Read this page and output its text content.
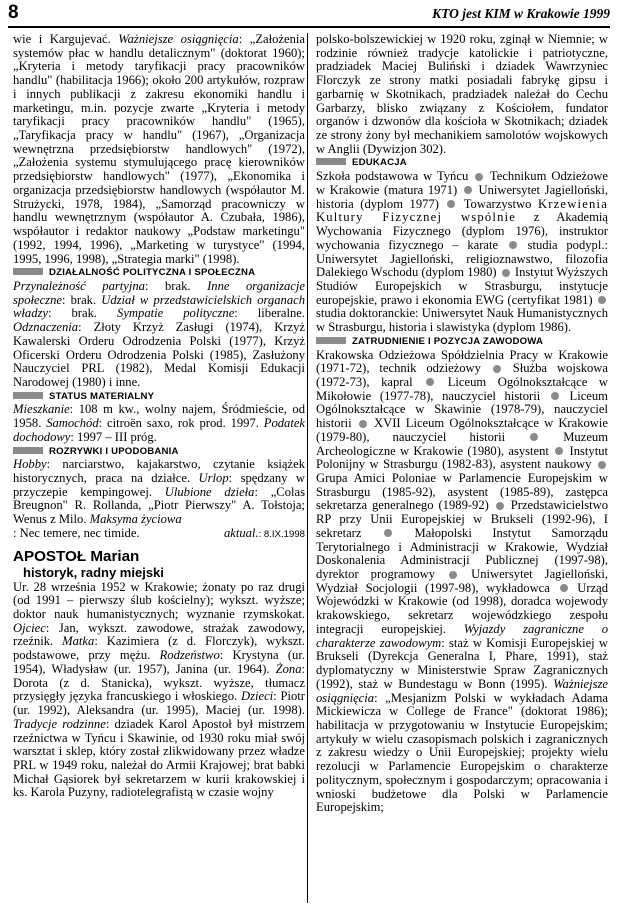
8	KTO jest KIM w Krakowie 1999

wie i Kargujevać. Ważniejsze osiągnięcia: „Założenia systemów płac w handlu detalicznym" (doktorat 1960); „Kryteria i metody taryfikacji pracy pracowników handlu" (habilitacja 1966); około 200 artykułów, rozpraw i innych publikacji z zakresu ekonomiki handlu i marketingu, m.in. pozycje zwarte „Kryteria i metody taryfikacji pracy pracowników handlu" (1965), „Taryfikacja pracy w handlu" (1967), „Organizacja wewnętrzna przedsiębiorstw handlowych" (1972), „Założenia systemu stymulującego pracę kierowników przedsiębiorstw handlowych" (1977), „Ekonomika i organizacja przedsiębiorstw handlowych (współautor M. Strużycki, 1978, 1984), „Samorząd pracowniczy w handlu wewnętrznym (współautor A. Czubała, 1986), współautor i redaktor naukowy „Podstaw marketingu" (1992, 1994, 1996), „Marketing w turystyce" (1994, 1995, 1996, 1998), „Strategia marki" (1998).

DZIAŁALNOŚĆ POLITYCZNA I SPOŁECZNA

Przynależność partyjna: brak. Inne organizacje społeczne: brak. Udział w przedstawicielskich organach władzy: brak. Sympatie polityczne: liberalne. Odznaczenia: Złoty Krzyż Zasługi (1974), Krzyż Kawalerski Orderu Odrodzenia Polski (1977), Krzyż Oficerski Orderu Odrodzenia Polski (1985), Zasłużony Nauczyciel PRL (1982), Medal Komisji Edukacji Narodowej (1980) i inne.

STATUS MATERIALNY

Mieszkanie: 108 m kw., wolny najem, Śródmieście, od 1958. Samochód: citroën saxo, rok prod. 1997. Podatek dochodowy: 1997 – III próg.

ROZRYWKI I UPODOBANIA

Hobby: narciarstwo, kajakarstwo, czytanie książek historycznych, praca na działce. Urlop: spędzany w przyczepie kempingowej. Ulubione dzieła: „Colas Breugnon" R. Rollanda, „Piotr Pierwszy" A. Tołstoja; Wenus z Milo. Maksyma życiowa

: Nec temere, nec timide.	aktual.: 8.IX.1998
APOSTOŁ Marian
historyk, radny miejski

Ur. 28 września 1952 w Krakowie; żonaty po raz drugi (od 1991 – pierwszy ślub kościelny); wykszt. wyższe; doktor nauk humanistycznych; wyznanie rzymskokat. Ojciec: Jan, wykszt. zawodowe, strażak zawodowy, rzeźnik. Matka: Kazimiera (z d. Florczyk), wykszt. podstawowe, przy mężu. Rodzeństwo: Krystyna (ur. 1954), Władysław (ur. 1957), Janina (ur. 1964). Żona: Dorota (z d. Stanicka), wykszt. wyższe, tłumacz przysięgły języka francuskiego i włoskiego. Dzieci: Piotr (ur. 1992), Aleksandra (ur. 1995), Maciej (ur. 1998). Tradycje rodzinne: dziadek Karol Apostoł był mistrzem rzeźnictwa w Tyńcu i Skawinie, od 1930 roku miał swój warsztat i sklep, który został zlikwidowany przez władze PRL w 1949 roku, należał do Armii Krajowej; brat babki Michał Gąsiorek był sekretarzem w kurii krakowskiej i ks. Karola Puzyny, radiotelegrafistą w czasie wojny

polsko-bolszewickiej w 1920 roku, zginął w Niemnie; w rodzinie również tradycje katolickie i patriotyczne, pradziadek Maciej Buliński i dziadek Wawrzyniec Florczyk ze strony matki posiadali fabrykę gipsu i garbarnię w Skotnikach, pradziadek należał do Cechu Garbarzy, blisko związany z Kościołem, fundator organów i dzwonów dla kościoła w Skotnikach; dziadek ze strony żony był mechanikiem samolotów wojskowych w Anglii (Dywizjon 302).

EDUKACJA

Szkoła podstawowa w Tyńcu  Technikum Odzieżowe w Krakowie (matura 1971)  Uniwersytet Jagielloński, historia (dyplom 1977)  Towarzystwo Krzewienia Kultury Fizycznej wspólnie z Akademią Wychowania Fizycznego (dyplom 1976), instruktor wychowania fizycznego – karate  studia podypl.: Uniwersytet Jagielloński, religioznawstwo, filozofia Dalekiego Wschodu (dyplom 1980)  Instytut Wyższych Studiów Europejskich w Strasburgu, instytucje europejskie, prawo i ekonomia EWG (certyfikat 1981)  studia doktoranckie: Uniwersytet Nauk Humanistycznych w Strasburgu, historia i slawistyka (dyplom 1986).

ZATRUDNIENIE I POZYCJA ZAWODOWA

Krakowska Odzieżowa Spółdzielnia Pracy w Krakowie (1971-72), technik odzieżowy  Służba wojskowa (1972-73), kapral  Liceum Ogólnokształcące w Mikołowie (1977-78), nauczyciel historii  Liceum Ogólnokształcące w Skawinie (1978-79), nauczyciel historii  XVII Liceum Ogólnokształcące w Krakowie (1979-80), nauczyciel historii  Muzeum Archeologiczne w Krakowie (1980), asystent  Instytut Polonijny w Strasburgu (1982-83), asystent naukowy  Grupa Amici Poloniae w Parlamencie Europejskim w Strasburgu (1985-92), asystent (1985-89), zastępca sekretarza generalnego (1989-92)  Przedstawicielstwo RP przy Unii Europejskiej w Brukseli (1992-96), I sekretarz  Małopolski Instytut Samorządu Terytorialnego i Administracji w Krakowie, Wydział Doskonalenia Administracji Publicznej (1997-98), dyrektor programowy  Uniwersytet Jagielloński, Wydział Socjologii (1997-98), wykładowca  Urząd Wojewódzki w Krakowie (od 1998), doradca wojewody krakowskiego, sekretarz wojewódzkiego zespołu integracji europejskiej. Wyjazdy zagraniczne o charakterze zawodowym: staż w Komisji Europejskiej w Brukseli (Dyrekcja Generalna I, Phare, 1991), staż dyplomatyczny w Ministerstwie Spraw Zagranicznych (1992), staż w Bundestagu w Bonn (1995). Ważniejsze osiągnięcia: „Mesjanizm Polski w wykładach Adama Mickiewicza w College de France" (doktorat 1986); habilitacja w przygotowaniu w Instytucie Europejskim; artykuły w wielu czasopismach polskich i zagranicznych z zakresu wiedzy o Unii Europejskiej; projekty wielu rezolucji w Parlamencie Europejskim o charakterze politycznym, społecznym i gospodarczym; opracowania i wnioski budżetowe dla Polski w Parlamencie Europejskim;
